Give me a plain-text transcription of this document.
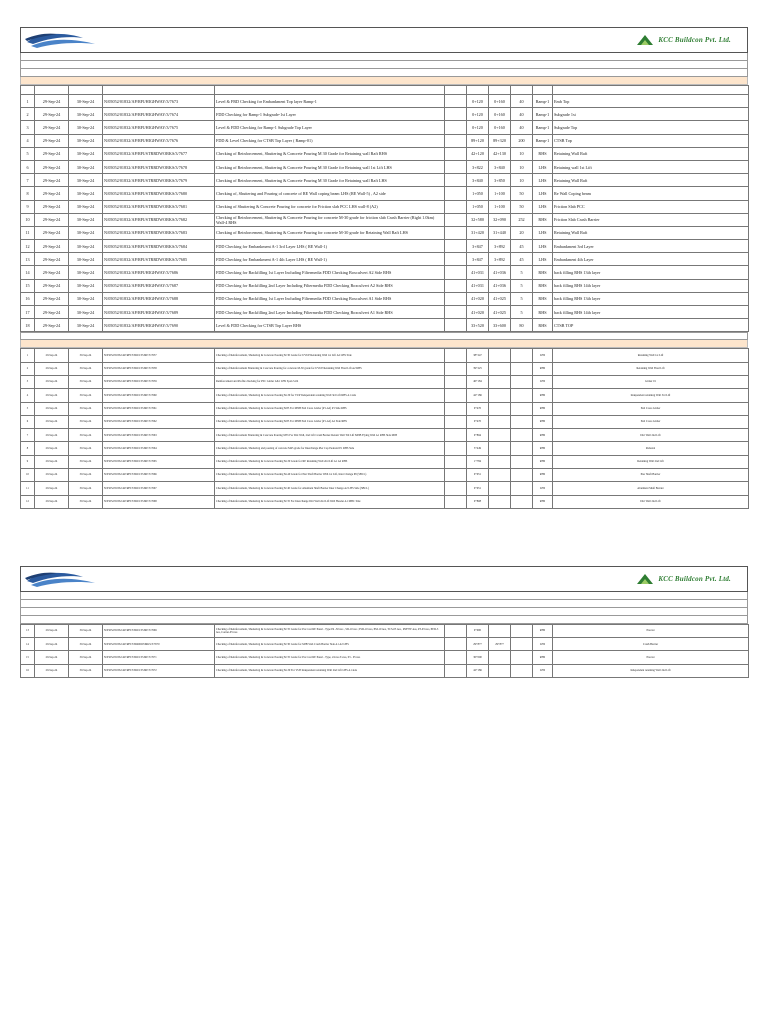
KCC Buildcon Pvt. Ltd.

1	29-Sep-24	30-Sep-24	N/05052/01832/AP/RFI/HIGHWAY/3/7673	Level & FRD Checking for Embankment Top layer Ramp-1		0+120	0+160	40	Ramp-1	Emb Top
2	29-Sep-24	30-Sep-24	N/05052/01832/AP/RFI/HIGHWAY/3/7674	FDD Checking for Ramp-1 Subgrade-1st Layer		0+120	0+160	40	Ramp-1	Subgrade 1st
3	29-Sep-24	30-Sep-24	N/05052/01832/AP/RFI/HIGHWAY/3/7675	Level & FDD Checking for Ramp-1 Subgrade Top Layer		0+120	0+160	40	Ramp-1	Subgrade Top
4	29-Sep-24	30-Sep-24	N/05052/01832/AP/RFI/HIGHWAY/3/7676	FDD & Level Checking for CTSB Top Layer ( Ramp-01)		89+120	89+320	200	Ramp-1	CTSB Top
5	29-Sep-24	30-Sep-24	N/05052/01832/AP/RFI/STRRDWORKS/3/7677	Checking of Reinforcement, Shuttering & Concrete Pouring M 30 Grade for Retaining wall Raft RHS		42+120	42+130	10	RHS	Retaining Wall Raft
6	29-Sep-24	30-Sep-24	N/05052/01832/AP/RFI/STRRDWORKS/3/7678	Checking of Reinforcement, Shuttering & Concrete Pouring M 30 Grade for Retaining wall 1st Lift LHS		3+822	3+840	10	LHS	Retaining wall 1st Lift
7	29-Sep-24	30-Sep-24	N/05052/01832/AP/RFI/STRRDWORKS/3/7679	Checking of Reinforcement, Shuttering & Concrete Pouring M 30 Grade for Retaining wall Raft LHS		3+840	3+850	10	LHS	Retaining Wall Raft
8	29-Sep-24	30-Sep-24	N/05052/01832/AP/RFI/STRRDWORKS/3/7680	Checking of, Shuttering and Pouring of concrete of RE Wall coping beam LHS (RE Wall-5) , A2 side		1+050	1+100	50	LHS	Re Wall Coping beam
9	29-Sep-24	30-Sep-24	N/05052/01832/AP/RFI/STRRDWORKS/3/7681	Checking of Shuttering & Concrete Pouring for concrete for Friction slab PCC LHS wall-8 (A2)		1+050	1+100	50	LHS	Friction Slab PCC
10	29-Sep-24	30-Sep-24	N/05052/01832/AP/RFI/STRRDWORKS/3/7682	Checking of Reinforcement, Shuttering & Concrete Pouring for concrete M-30 grade for friction slab Crash Barrier (Right 1.0km) Wall-4 RHS		32+580	32+090	252	RHS	Friction Slab Crash Barrier
11	29-Sep-24	30-Sep-24	N/05052/01832/AP/RFI/STRRDWORKS/3/7683	Checking of Reinforcement, Shuttering & Concrete Pouring for concrete M-30 grade for Retaining Wall Raft LHS		31+420	31+440	20	LHS	Retaining Wall Raft
12	29-Sep-24	30-Sep-24	N/05052/01832/AP/RFI/STRRDWORKS/3/7684	FDD Checking for Embankment A-1 3rd Layer LHS ( RE Wall-1)		3+847	3+892	45	LHS	Embankment 3rd Layer
13	29-Sep-24	30-Sep-24	N/05052/01832/AP/RFI/STRRDWORKS/3/7685	FDD Checking for Embankment A-1 4th Layer LHS ( RE Wall-1)		3+847	3+892	45	LHS	Embankment 4th Layer
14	29-Sep-24	30-Sep-24	N/05052/01832/AP/RFI/HIGHWAY/3/7686	FDD Checking for Backfilling 1st Layer Including Filtermedia FDD Checking Boxculvert A2 Side RHS		41+031	41+036	5	RHS	back filling RHS 13th layer
15	29-Sep-24	30-Sep-24	N/05052/01832/AP/RFI/HIGHWAY/3/7687	FDD Checking for Backfilling 2nd Layer Including Filtermedia FDD Checking Boxculvert A2 Side RHS		41+031	41+036	5	RHS	back filling RHS 14th layer
16	29-Sep-24	30-Sep-24	N/05052/01832/AP/RFI/HIGHWAY/3/7688	FDD Checking for Backfilling 1st Layer Including Filtermedia FDD Checking Boxculvert A1 Side RHS		41+020	41+025	5	RHS	back filling RHS 13th layer
17	29-Sep-24	30-Sep-24	N/05052/01832/AP/RFI/HIGHWAY/3/7689	FDD Checking for Backfilling 2nd Layer Including Filtermedia FDD Checking Boxculvert A1 Side RHS		41+020	41+025	5	RHS	back filling RHS 14th layer
18	29-Sep-24	30-Sep-24	N/05052/01832/AP/RFI/HIGHWAY/3/7690	Level & FDD Checking for CTSB Top Layer RHS		33+520	33+600	80	RHS	CTSB TOP
1	29-Sep-24	30-Sep-24	N/05052/01832/AP/RFI/STRUCTURE/3/7657	Checking of Reinforcement, Shuttering & Concrete Pouring M 30 Grade for UVUP Retaining Wall 1st Lift A2 LHS Side		38+247			LHS	Retaining Wall 1st Lift
2	29-Sep-24	30-Sep-24	N/05052/01832/AP/RFI/STRUCTURE/3/7658	Checking of Reinforcement Shuttering & Concrete Pouring for concrete M-30 grade for UVUP Retaining Wall Final Lift A2 RHS		39+225			RHS	Retaining Wall Final Lift
3	29-Sep-24	30-Sep-24	N/05052/01832/AP/RFI/STRUCTURE/3/7659	Reinforcement and Profile checking for PSC Girder L&1 LHS Span 3-04		40+184			LHS	Girder 01
4	29-Sep-24	30-Sep-24	N/05052/01832/AP/RFI/STRUCTURE/3/7660	Checking of Reinforcement, Shuttering & Concrete Pouring M-30 for VUP Independent retaining Wall 3rd Lift RHS A1 side		42+186			RHS	Independent retaining Wall 3rd Lift
5	29-Sep-24	30-Sep-24	N/05052/01832/AP/RFI/STRUCTURE/3/7661	Checking of Reinforcement, Shuttering & Concrete Pouring M35 For MNB End Cross Girder (P1-A2) P1 Side RHS		0+470			RHS	End Cross Girder
6	29-Sep-24	30-Sep-24	N/05052/01832/AP/RFI/STRUCTURE/3/7662	Checking of Reinforcement, Shuttering & Concrete Pouring M35 For MNB End Cross Girder (P1-A2) A2 Side RHS		0+470			RHS	End Cross Girder
7	29-Sep-24	30-Sep-24	N/05052/01832/AP/RFI/STRUCTURE/3/7663	Checking of Reinforcement Shuttering & Concrete Pouring M35 For Dirt Wall, 2nd Lift Crash Barrier Return Wall Tilt Lift MNB Flying Wall A1 RHS Side MJB		0+894			RHS	Dirt Wall 2nd Lift
8	29-Sep-24	30-Sep-24	N/05052/01832/AP/RFI/STRUCTURE/3/7664	Checking of Reinforcement, Shuttering and pouring of concrete M45 grade for Interchange Pier Cap Pedestal P1 RHS Side		3+449			RHS	Pedestal
9	29-Sep-24	30-Sep-24	N/05052/01832/AP/RFI/STRUCTURE/3/7665	Checking of Reinforcement, Shuttering & Concrete Pouring M-30 Grade for RE Retaining Wall 2nd Lift A1 A2 RHS		1+784			RHS	Retaining Wall 2nd Lift
10	29-Sep-24	30-Sep-24	N/05052/01832/AP/RFI/STRUCTURE/3/7666	Checking of Reinforcement, Shuttering & Concrete Pouring M-40 Grade for Pier Shaft Barrier With 1st Lift, Inter Change P6 (SBCL)		0+951			RHS	Pier Shaft Barrier
11	29-Sep-24	30-Sep-24	N/05052/01832/AP/RFI/STRUCTURE/3/7667	Checking of Reinforcement, Shuttering & Concrete Pouring M 40 Grade for Abutment Shaft Barrier Inter Change A2 LHS Side (SBCL)		0+951			LHS	Abutment Shaft Barrier
12	29-Sep-24	30-Sep-24	N/05052/01832/AP/RFI/STRUCTURE/3/7668	Checking of Reinforcement, Shuttering & Concrete Pouring M 35 For Interchange Dirt Wall 2nd Lift Well Header A1 MBC Side		0+808			RHS	Dirt Wall 2nd Lift
KCC Buildcon Pvt. Ltd.
13	29-Sep-24	30-Sep-24	N/05052/01832/AP/RFI/STRUCTURE/3/7669	Checking of Reinforcement, Shuttering & Concrete Pouring M 35 Grade for Pre Cast RE Panel - Type P4 -50 nos , SD-10 nos ,TSD-10 nos, PM-10 nos, TCS-05 nos , PM+EF-nos, P3-03 nos, PED-3 nos, Corner-05 nos		0+000			RHS	Precast
14	29-Sep-24	30-Sep-24	N/05052/01832/AP/RFI/STRRDWORKS/3/7670	Checking of Reinforcement, Shuttering & Concrete Pouring M 30 Grade for MJB Slab Crash Barrier Side A1 A2 LHS		29+877	29+877		LHS	Crash Barrier
15	29-Sep-24	30-Sep-24	N/05052/01832/AP/RFI/STRUCTURE/3/7671	Checking of Reinforcement, Shuttering & Concrete Pouring M 35 Grade for Pre Cast RE Panel - Type, 24 nos T-nos, 03 - 05 nos		30+000			RHS	Precast
16	29-Sep-24	30-Sep-24	N/05052/01832/AP/RFI/STRUCTURE/3/7672	Checking of Reinforcement, Shuttering & Concrete Pouring M-30 For VUP Independent retaining Wall 2nd Lift LHS A1 side		42+186			LHS	Independent retaining Wall 2nd Lift
